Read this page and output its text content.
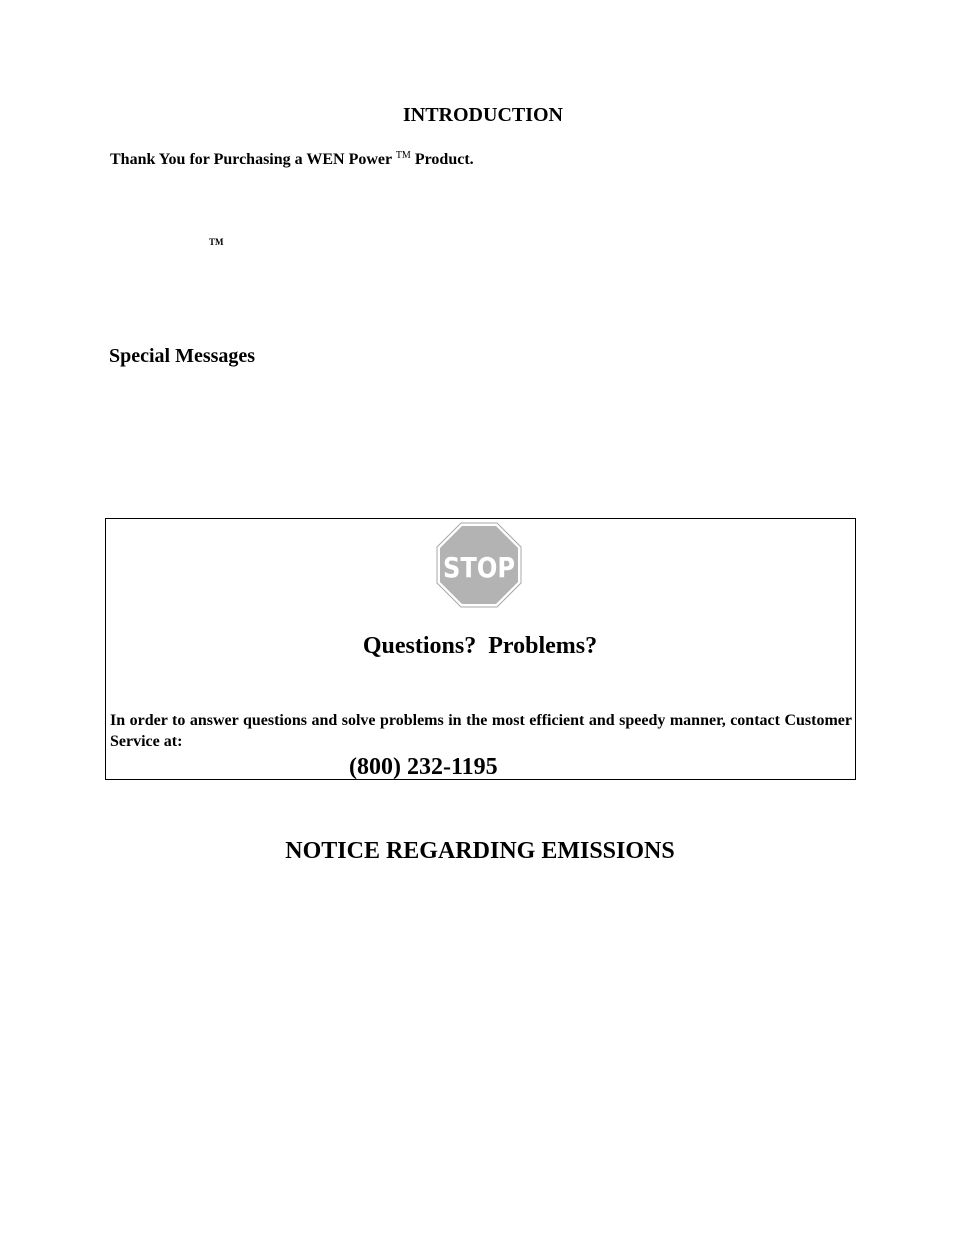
INTRODUCTION
Thank You for Purchasing a WEN Power ™ Product.
TM
Special Messages
STOP
Questions?  Problems?
In order to answer questions and solve problems in the most efficient and speedy manner, contact Customer Service at:
(800) 232-1195
NOTICE REGARDING EMISSIONS
